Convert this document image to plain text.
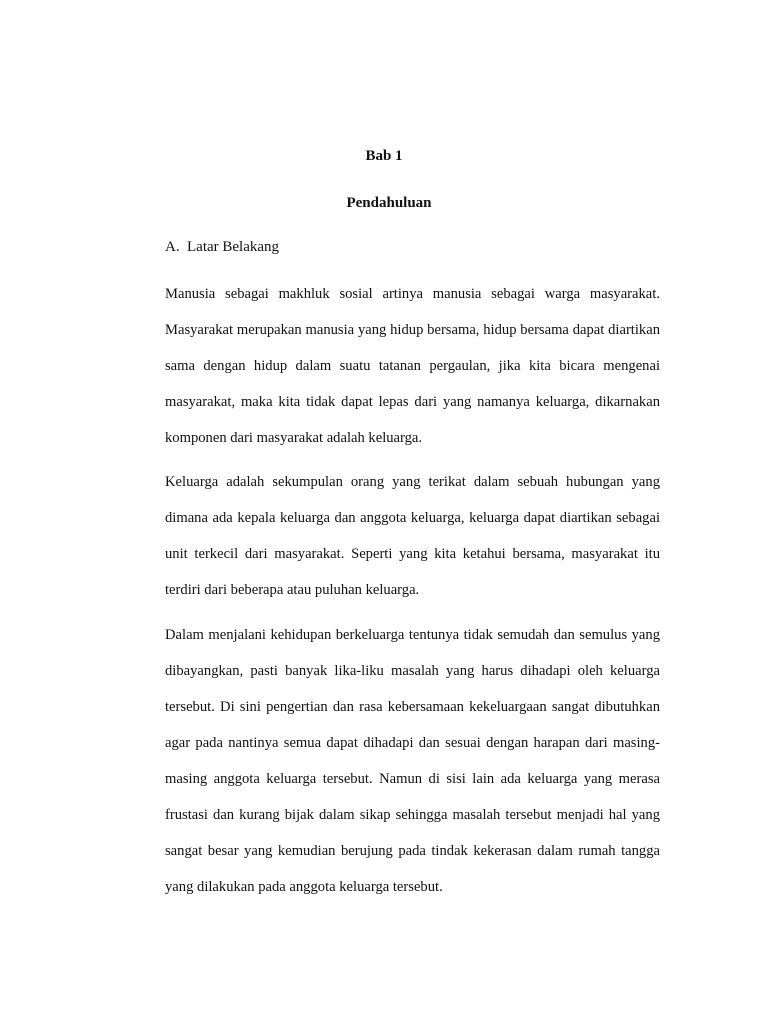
Bab 1
Pendahuluan
A. Latar Belakang

Manusia sebagai makhluk sosial artinya manusia sebagai warga masyarakat. Masyarakat merupakan manusia yang hidup bersama, hidup bersama dapat diartikan sama dengan hidup dalam suatu tatanan pergaulan, jika kita bicara mengenai masyarakat, maka kita tidak dapat lepas dari yang namanya keluarga, dikarnakan komponen dari masyarakat adalah keluarga.

Keluarga adalah sekumpulan orang yang terikat dalam sebuah hubungan yang dimana ada kepala keluarga dan anggota keluarga, keluarga dapat diartikan sebagai unit terkecil dari masyarakat. Seperti yang kita ketahui bersama, masyarakat itu terdiri dari beberapa atau puluhan keluarga.

Dalam menjalani kehidupan berkeluarga tentunya tidak semudah dan semulus yang dibayangkan, pasti banyak lika-liku masalah yang harus dihadapi oleh keluarga tersebut. Di sini pengertian dan rasa kebersamaan kekeluargaan sangat dibutuhkan agar pada nantinya semua dapat dihadapi dan sesuai dengan harapan dari masing-masing anggota keluarga tersebut. Namun di sisi lain ada keluarga yang merasa frustasi dan kurang bijak dalam sikap sehingga masalah tersebut menjadi hal yang sangat besar yang kemudian berujung pada tindak kekerasan dalam rumah tangga yang dilakukan pada anggota keluarga tersebut.
